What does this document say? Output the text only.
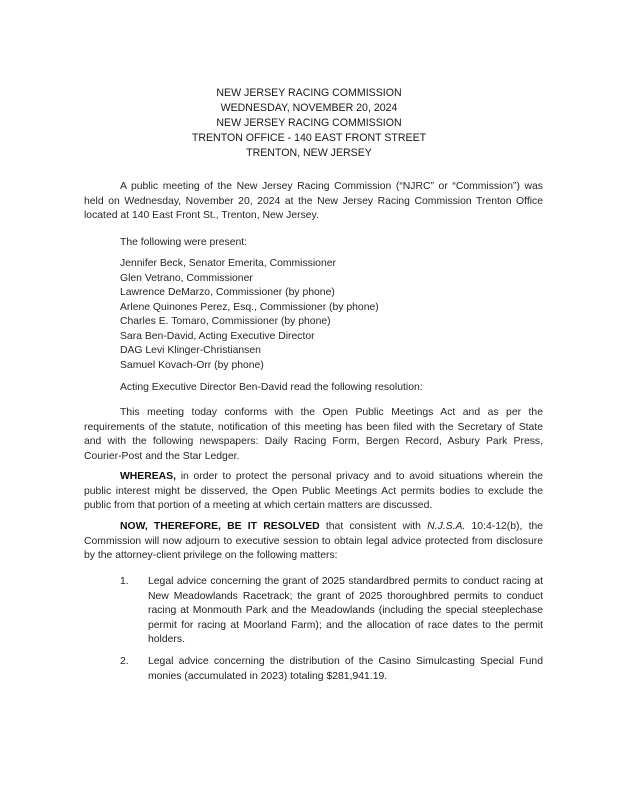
NEW JERSEY RACING COMMISSION
WEDNESDAY, NOVEMBER 20, 2024
NEW JERSEY RACING COMMISSION
TRENTON OFFICE - 140 EAST FRONT STREET
TRENTON, NEW JERSEY
A public meeting of the New Jersey Racing Commission (“NJRC” or “Commission”) was held on Wednesday, November 20, 2024 at the New Jersey Racing Commission Trenton Office located at 140 East Front St., Trenton, New Jersey.
The following were present:
Jennifer Beck, Senator Emerita, Commissioner
Glen Vetrano, Commissioner
Lawrence DeMarzo, Commissioner (by phone)
Arlene Quinones Perez, Esq., Commissioner (by phone)
Charles E. Tomaro, Commissioner (by phone)
Sara Ben-David, Acting Executive Director
DAG Levi Klinger-Christiansen
Samuel Kovach-Orr (by phone)
Acting Executive Director Ben-David read the following resolution:
This meeting today conforms with the Open Public Meetings Act and as per the requirements of the statute, notification of this meeting has been filed with the Secretary of State and with the following newspapers: Daily Racing Form, Bergen Record, Asbury Park Press, Courier-Post and the Star Ledger.
WHEREAS, in order to protect the personal privacy and to avoid situations wherein the public interest might be disserved, the Open Public Meetings Act permits bodies to exclude the public from that portion of a meeting at which certain matters are discussed.
NOW, THEREFORE, BE IT RESOLVED that consistent with N.J.S.A. 10:4-12(b), the Commission will now adjourn to executive session to obtain legal advice protected from disclosure by the attorney-client privilege on the following matters:
1. Legal advice concerning the grant of 2025 standardbred permits to conduct racing at New Meadowlands Racetrack; the grant of 2025 thoroughbred permits to conduct racing at Monmouth Park and the Meadowlands (including the special steeplechase permit for racing at Moorland Farm); and the allocation of race dates to the permit holders.
2. Legal advice concerning the distribution of the Casino Simulcasting Special Fund monies (accumulated in 2023) totaling $281,941.19.
